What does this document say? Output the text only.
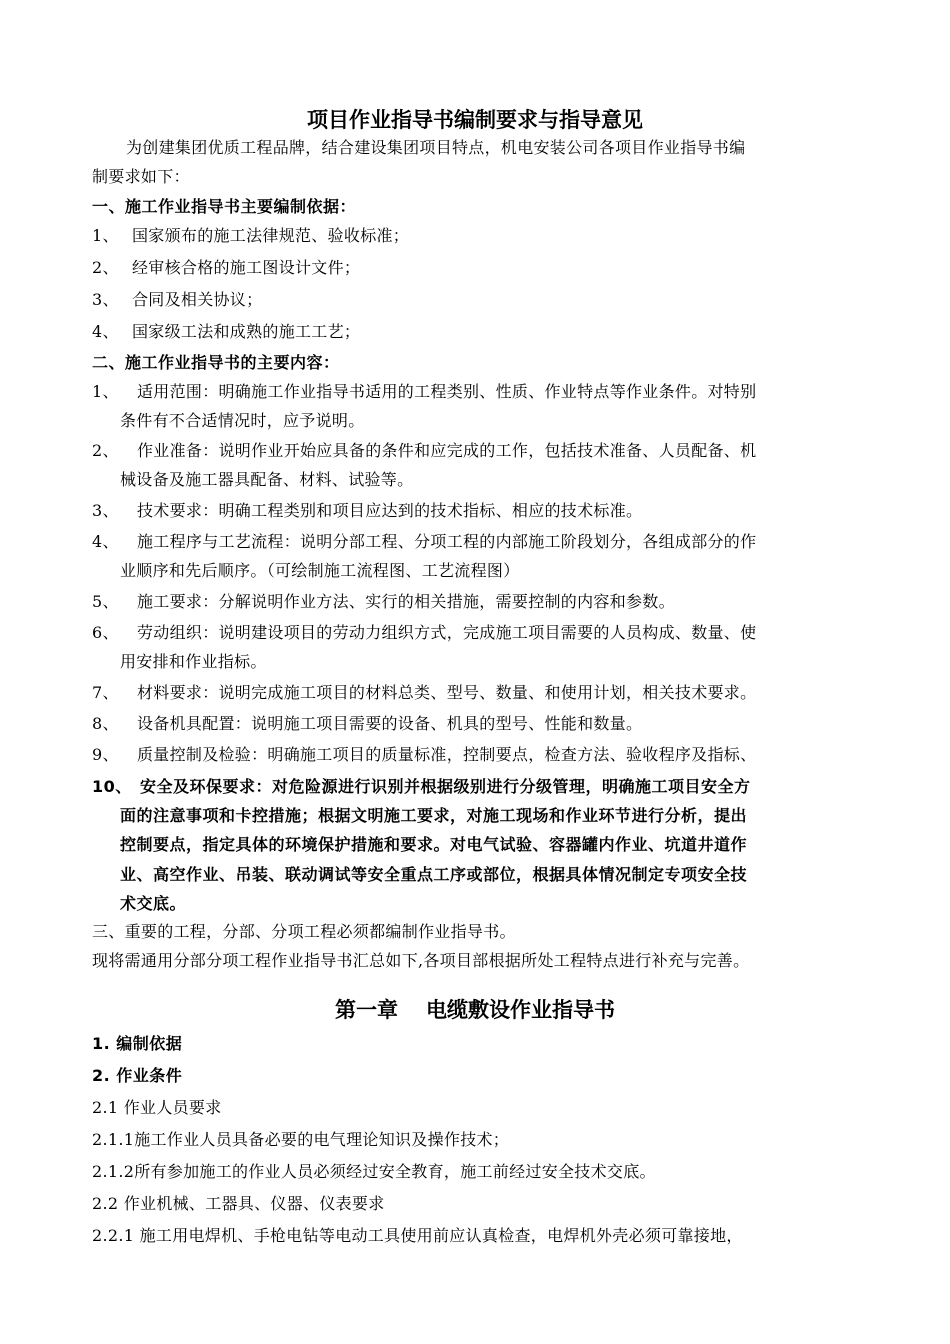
项目作业指导书编制要求与指导意见
为创建集团优质工程品牌，结合建设集团项目特点，机电安装公司各项目作业指导书编
制要求如下：
一、施工作业指导书主要编制依据：
1、 国家颁布的施工法律规范、验收标准；
2、 经审核合格的施工图设计文件；
3、 合同及相关协议；
4、 国家级工法和成熟的施工工艺；
二、施工作业指导书的主要内容：
1、 适用范围：明确施工作业指导书适用的工程类别、性质、作业特点等作业条件。对特别
条件有不合适情况时，应予说明。
2、 作业准备：说明作业开始应具备的条件和应完成的工作，包括技术准备、人员配备、机
械设备及施工器具配备、材料、试验等。
3、 技术要求：明确工程类别和项目应达到的技术指标、相应的技术标准。
4、 施工程序与工艺流程：说明分部工程、分项工程的内部施工阶段划分，各组成部分的作
业顺序和先后顺序。（可绘制施工流程图、工艺流程图）
5、 施工要求：分解说明作业方法、实行的相关措施，需要控制的内容和参数。
6、 劳动组织：说明建设项目的劳动力组织方式，完成施工项目需要的人员构成、数量、使
用安排和作业指标。
7、 材料要求：说明完成施工项目的材料总类、型号、数量、和使用计划，相关技术要求。
8、 设备机具配置：说明施工项目需要的设备、机具的型号、性能和数量。
9、 质量控制及检验：明确施工项目的质量标准，控制要点，检查方法、验收程序及指标、
10、 安全及环保要求：对危险源进行识别并根据级别进行分级管理，明确施工项目安全方
面的注意事项和卡控措施；根据文明施工要求，对施工现场和作业环节进行分析，提出
控制要点，指定具体的环境保护措施和要求。对电气试验、容器罐内作业、坑道井道作
业、高空作业、吊装、联动调试等安全重点工序或部位，根据具体情况制定专项安全技
术交底。
三、重要的工程，分部、分项工程必须都编制作业指导书。
现将需通用分部分项工程作业指导书汇总如下,各项目部根据所处工程特点进行补充与完善。
第一章 电缆敷设作业指导书
1. 编制依据
2. 作业条件
2.1 作业人员要求
2.1.1施工作业人员具备必要的电气理论知识及操作技术；
2.1.2所有参加施工的作业人员必须经过安全教育，施工前经过安全技术交底。
2.2 作业机械、工器具、仪器、仪表要求
2.2.1 施工用电焊机、手枪电钻等电动工具使用前应认真检查，电焊机外壳必须可靠接地，
